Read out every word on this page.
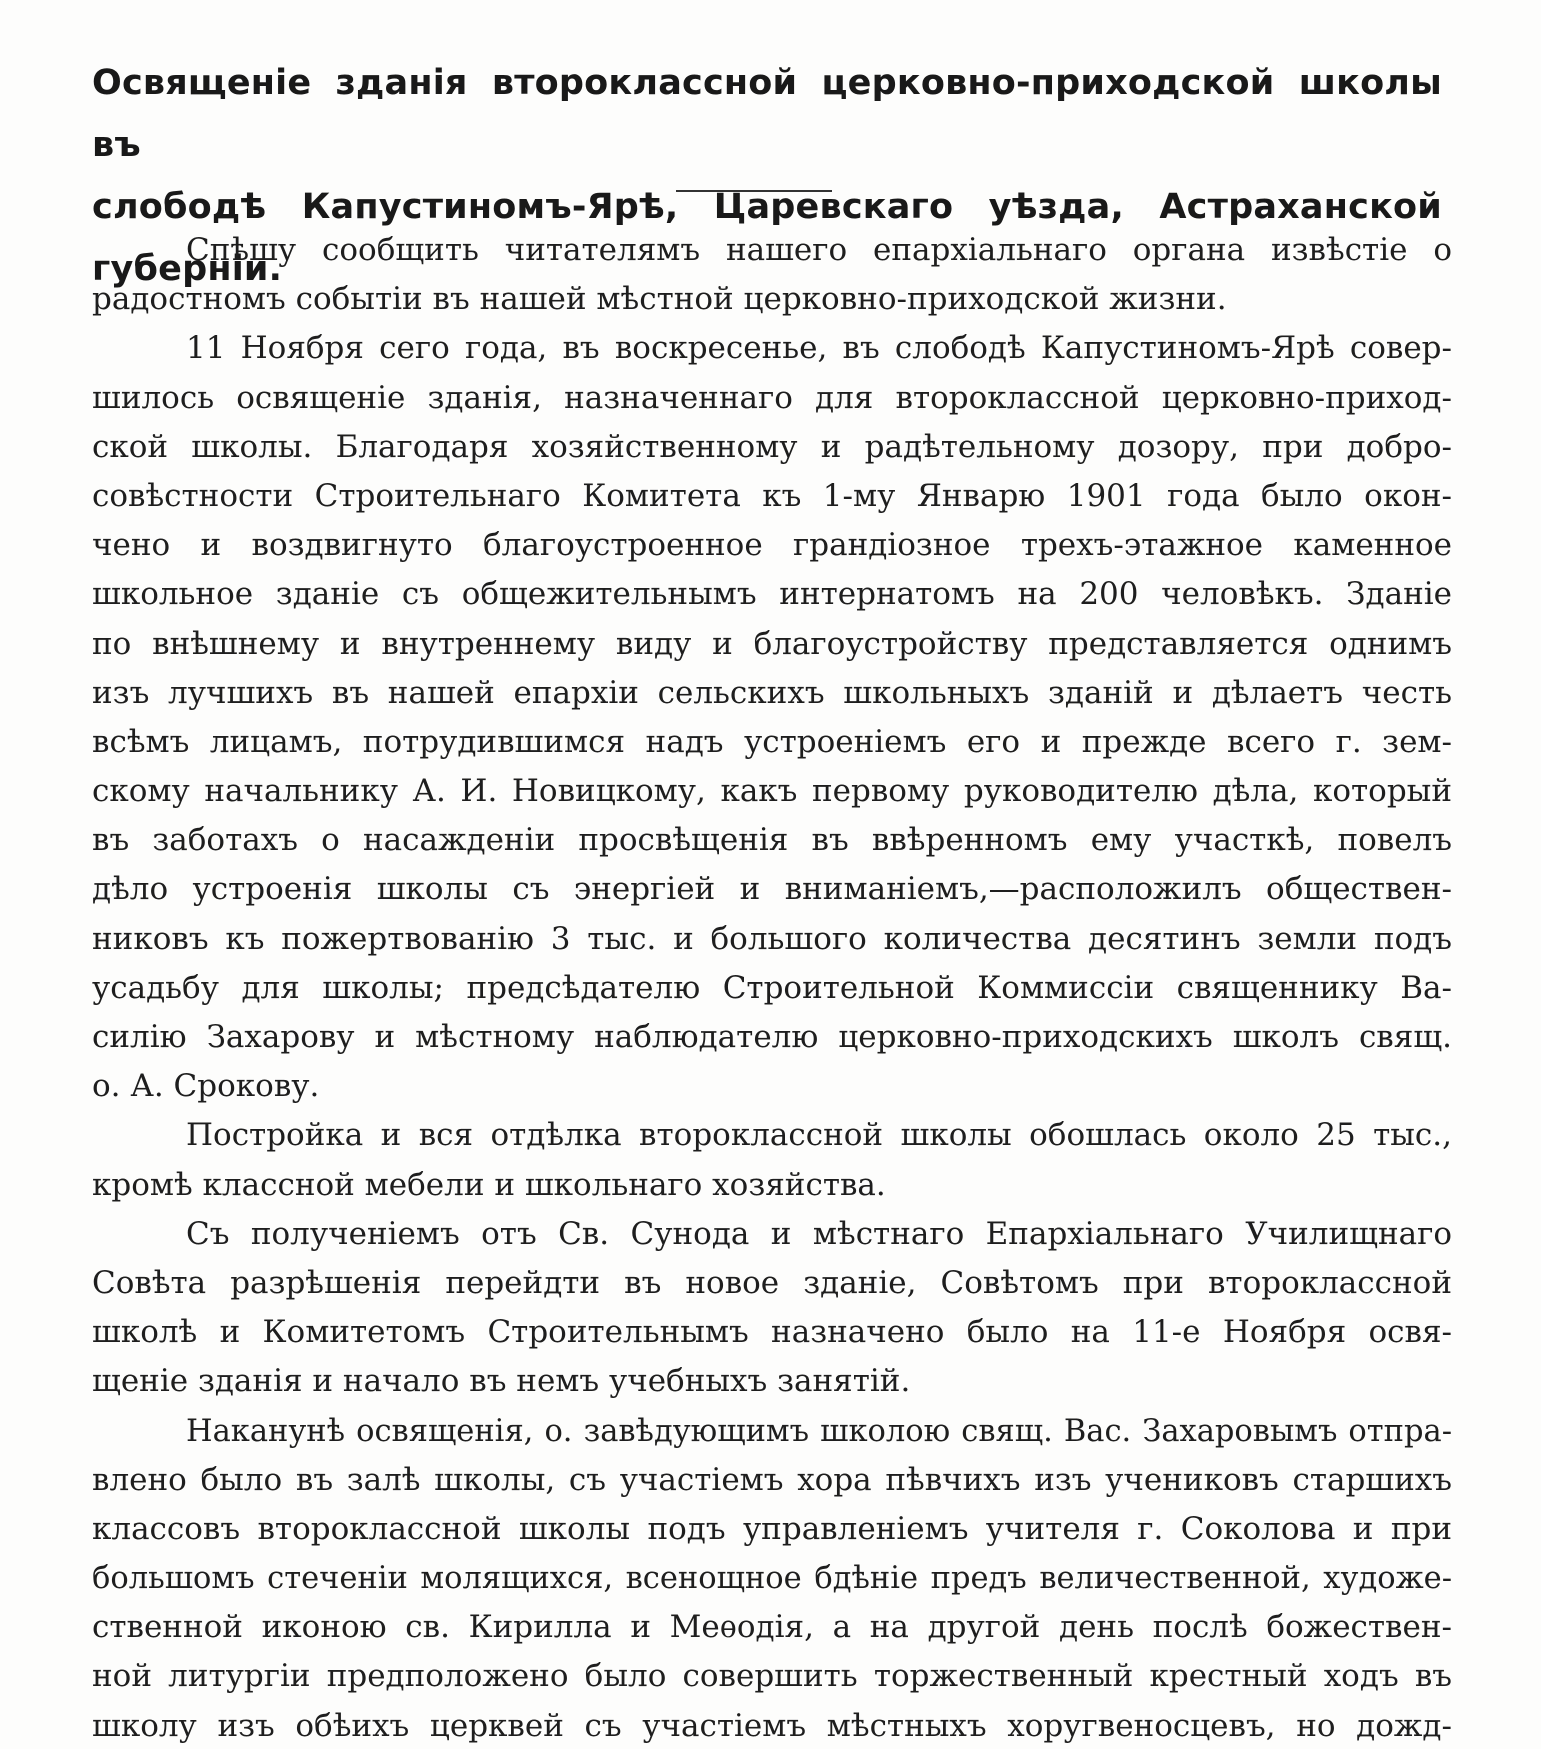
Освященіе зданія второклассной церковно-приходской школы въ
слободѣ Капустиномъ-Ярѣ, Царевскаго уѣзда, Астраханской губерніи.

Спѣшу сообщить читателямъ нашего епархіальнаго органа извѣстіе о
радостномъ событіи въ нашей мѣстной церковно-приходской жизни.

11 Ноября сего года, въ воскресенье, въ слободѣ Капустиномъ-Ярѣ совер-
шилось освященіе зданія, назначеннаго для второклассной церковно-приход-
ской школы. Благодаря хозяйственному и радѣтельному дозору, при добро-
совѣстности Строительнаго Комитета къ 1-му Январю 1901 года было окон-
чено и воздвигнуто благоустроенное грандіозное трехъ-этажное каменное
школьное зданіе съ общежительнымъ интернатомъ на 200 человѣкъ. Зданіе
по внѣшнему и внутреннему виду и благоустройству представляется однимъ
изъ лучшихъ въ нашей епархіи сельскихъ школьныхъ зданій и дѣлаетъ честь
всѣмъ лицамъ, потрудившимся надъ устроеніемъ его и прежде всего г. зем-
скому начальнику А. И. Новицкому, какъ первому руководителю дѣла, который
въ заботахъ о насажденіи просвѣщенія въ ввѣренномъ ему участкѣ, повелъ
дѣло устроенія школы съ энергіей и вниманіемъ,—расположилъ обществен-
никовъ къ пожертвованію 3 тыс. и большого количества десятинъ земли подъ
усадьбу для школы; предсѣдателю Строительной Коммиссіи священнику Ва-
силію Захарову и мѣстному наблюдателю церковно-приходскихъ школъ свящ.
о. А. Срокову.

Постройка и вся отдѣлка второклассной школы обошлась около 25 тыс.,
кромѣ классной мебели и школьнаго хозяйства.

Съ полученіемъ отъ Св. Сунода и мѣстнаго Епархіальнаго Училищнаго
Совѣта разрѣшенія перейдти въ новое зданіе, Совѣтомъ при второклассной
школѣ и Комитетомъ Строительнымъ назначено было на 11-е Ноября освя-
щеніе зданія и начало въ немъ учебныхъ занятій.

Наканунѣ освященія, о. завѣдующимъ школою свящ. Вас. Захаровымъ отпра-
влено было въ залѣ школы, съ участіемъ хора пѣвчихъ изъ учениковъ старшихъ
классовъ второклассной школы подъ управленіемъ учителя г. Соколова и при
большомъ стеченіи молящихся, всенощное бдѣніе предъ величественной, художе-
ственной иконою св. Кирилла и Меѳодія, а на другой день послѣ божествен-
ной литургіи предположено было совершить торжественный крестный ходъ въ
школу изъ обѣихъ церквей съ участіемъ мѣстныхъ хоругвеносцевъ, но дожд-
